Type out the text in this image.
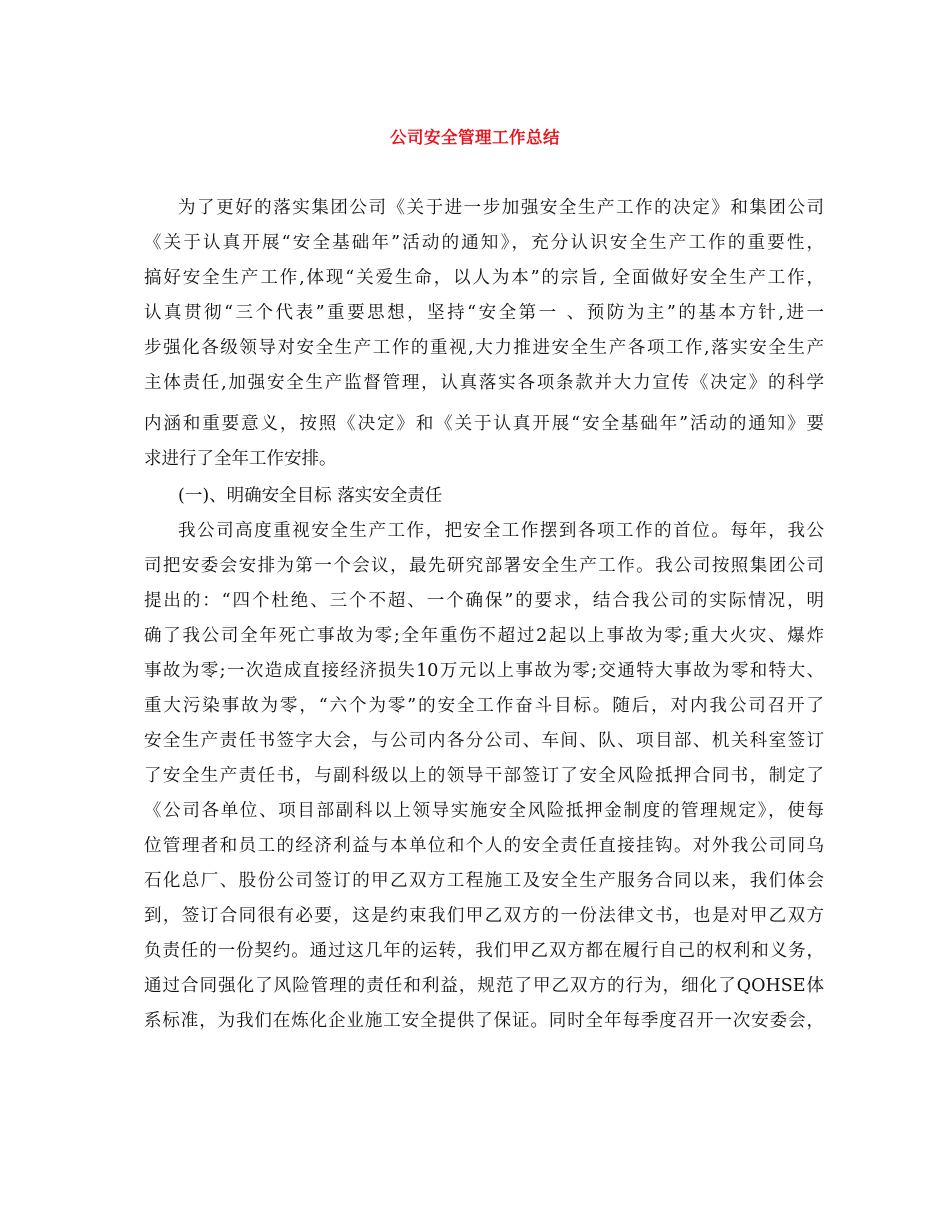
公司安全管理工作总结
为了更好的落实集团公司《关于进一步加强安全生产工作的决定》和集团公司
《关于认真开展“安全基础年”活动的通知》，充分认识安全生产工作的重要性，
搞好安全生产工作,体现“关爱生命，以人为本”的宗旨, 全面做好安全生产工作，
认真贯彻“三个代表”重要思想，坚持“安全第一 、预防为主”的基本方针,进一
步强化各级领导对安全生产工作的重视,大力推进安全生产各项工作,落实安全生产
主体责任,加强安全生产监督管理，认真落实各项条款并大力宣传《决定》的科学
内涵和重要意义，按照《决定》和《关于认真开展“安全基础年”活动的通知》要
求进行了全年工作安排。
(一)、明确安全目标 落实安全责任
我公司高度重视安全生产工作，把安全工作摆到各项工作的首位。每年，我公
司把安委会安排为第一个会议，最先研究部署安全生产工作。我公司按照集团公司
提出的：“四个杜绝、三个不超、一个确保”的要求，结合我公司的实际情况，明
确了我公司全年死亡事故为零;全年重伤不超过2起以上事故为零;重大火灾、爆炸
事故为零;一次造成直接经济损失10万元以上事故为零;交通特大事故为零和特大、
重大污染事故为零，“六个为零”的安全工作奋斗目标。随后，对内我公司召开了
安全生产责任书签字大会，与公司内各分公司、车间、队、项目部、机关科室签订
了安全生产责任书，与副科级以上的领导干部签订了安全风险抵押合同书，制定了
《公司各单位、项目部副科以上领导实施安全风险抵押金制度的管理规定》，使每
位管理者和员工的经济利益与本单位和个人的安全责任直接挂钩。对外我公司同乌
石化总厂、股份公司签订的甲乙双方工程施工及安全生产服务合同以来，我们体会
到，签订合同很有必要，这是约束我们甲乙双方的一份法律文书，也是对甲乙双方
负责任的一份契约。通过这几年的运转，我们甲乙双方都在履行自己的权利和义务，
通过合同强化了风险管理的责任和利益，规范了甲乙双方的行为，细化了QOHSE体
系标准，为我们在炼化企业施工安全提供了保证。同时全年每季度召开一次安委会，
